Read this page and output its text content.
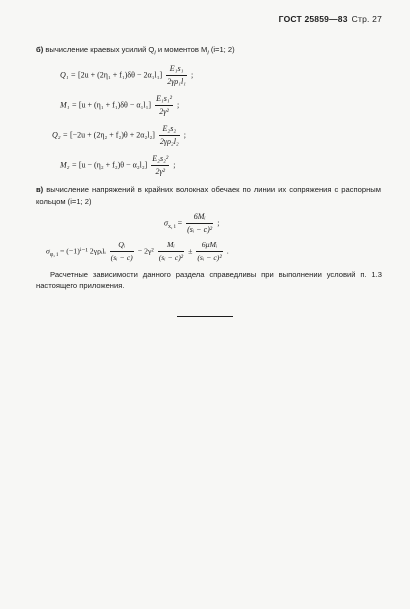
ГОСТ 25859—83 Стр. 27
б) вычисление краевых усилий $Q_i$ и моментов $M_i$ (i=1; 2)
$Q_1 = [2u + (2\eta_1 + f_1)\delta\theta - 2\alpha_1l_1] \frac{\text{E₁s₁}}{\text{2γρ₁l₁}}$ ;
$M_1 = [u + (\eta_1 + f_1)\delta\theta - \alpha_1l_1] \frac{\text{E₁s₁²}}{\text{2γ²}}$ ;
$Q_2 = [-2u + (2\eta_2 + f_2)\theta + 2\alpha_2l_2] \frac{\text{E₂s₂}}{\text{2γρ₂l₂}}$ ;
$M_2 = [u - (\eta_2 + f_2)\theta - \alpha_2l_2] \frac{\text{E₂s₂²}}{\text{2γ²}}$ ;
в) вычисление напряжений в крайних волокнах обечаек по линии их сопряжения с распорным кольцом (i=1; 2)
$\sigma_{x, i} = \frac{\text{6Mᵢ}}{\text{(sᵢ − c)²}}$ ;
$\sigma_{\varphi, i} = (-1)^{i-1}$ 2γρᵢlᵢ $\frac{\text{Qᵢ}}{\text{(sᵢ − c)}} - 2\gamma^2 \frac{\text{Mᵢ}}{\text{(sᵢ − c)²}} \pm \frac{\text{6μMᵢ}}{\text{(sᵢ − c)²}}$ .
Расчетные зависимости данного раздела справедливы при выполнении условий п. 1.3 настоящего приложения.
